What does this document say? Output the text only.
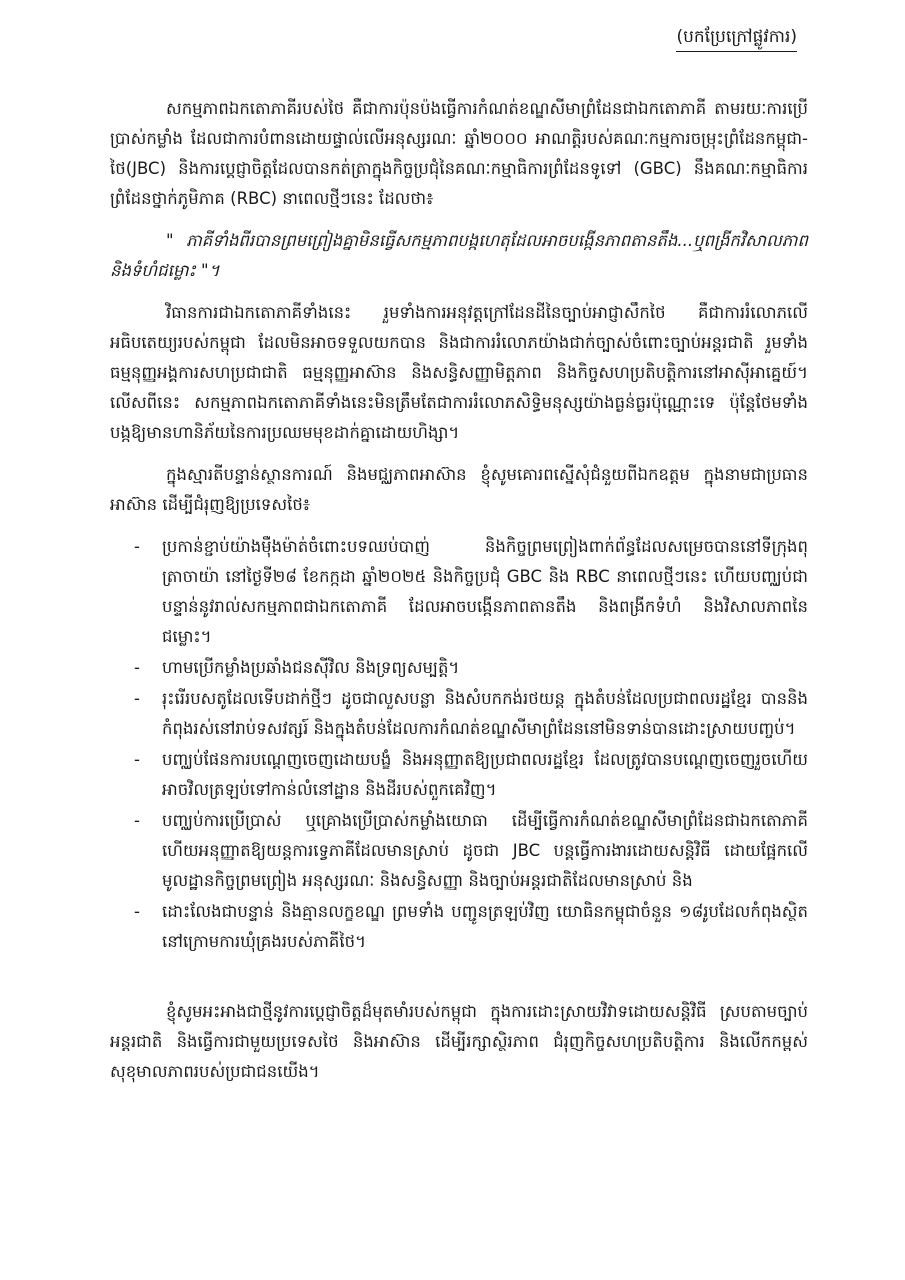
(បកប្រែក្រៅផ្លូវការ)

សកម្មភាពឯកតោភាគីរបស់ថៃ គឺជាការប៉ុនប៉ងធ្វើការកំណត់ខណ្ឌសីមាព្រំដែនជាឯកតោភាគី តាមរយៈការប្រើប្រាស់កម្លាំង ដែលជាការបំពានដោយផ្ទាល់លើអនុស្សរណៈ ឆ្នាំ២០០០ អាណត្តិរបស់គណៈកម្មការចម្រុះព្រំដែនកម្ពុជា-ថៃ(JBC) និងការប្តេជ្ញាចិត្តដែលបានកត់ត្រាក្នុងកិច្ចប្រជុំនៃគណៈកម្មាធិការព្រំដែនទូទៅ (GBC) នឹងគណៈកម្មាធិការព្រំដែនថ្នាក់ភូមិភាគ (RBC) នាពេលថ្មីៗនេះ ដែលថា៖

" ភាគីទាំងពីរបានព្រមព្រៀងគ្នាមិនធ្វើសកម្មភាពបង្កហេតុដែលអាចបង្កើនភាពតានតឹង...ឬពង្រីកវិសាលភាព និងទំហំជម្លោះ "។

វិធានការជាឯកតោភាគីទាំងនេះ រួមទាំងការអនុវត្តក្រៅដែនដីនៃច្បាប់អាជ្ញាសឹកថៃ គឺជាការរំលោភលើអធិបតេយ្យរបស់កម្ពុជា ដែលមិនអាចទទួលយកបាន និងជាការរំលោភយ៉ាងជាក់ច្បាស់ចំពោះច្បាប់អន្តរជាតិ រួមទាំងធម្មនុញ្ញអង្គការសហប្រជាជាតិ ធម្មនុញ្ញអាស៊ាន និងសន្ធិសញ្ញាមិត្តភាព និងកិច្ចសហប្រតិបត្តិការនៅអាស៊ីអាគ្នេយ៍។ លើសពីនេះ សកម្មភាពឯកតោភាគីទាំងនេះមិនត្រឹមតែជាការរំលោភសិទ្ធិមនុស្សយ៉ាងធ្ងន់ធ្ងរប៉ុណ្ណោះទេ ប៉ុន្តែថែមទាំងបង្កឱ្យមានហានិភ័យនៃការប្រឈមមុខដាក់គ្នាដោយហិង្សា។

ក្នុងស្មារតីបន្ទាន់ស្ថានការណ៍ និងមជ្ឈភាពអាស៊ាន ខ្ញុំសូមគោរពស្នើសុំជំនួយពីឯកឧត្តម ក្នុងនាមជាប្រធានអាស៊ាន ដើម្បីជំរុញឱ្យប្រទេសថៃ៖

- ប្រកាន់ខ្ជាប់យ៉ាងម៉ឺងម៉ាត់ចំពោះបទឈប់បាញ់ និងកិច្ចព្រមព្រៀងពាក់ព័ន្ធដែលសម្រេចបាននៅទីក្រុងពុត្រាចាយ៉ា នៅថ្ងៃទី២៨ ខែកក្កដា ឆ្នាំ២០២៥ និងកិច្ចប្រជុំ GBC និង RBC នាពេលថ្មីៗនេះ ហើយបញ្ឈប់ជាបន្ទាន់នូវរាល់សកម្មភាពជាឯកតោភាគី ដែលអាចបង្កើនភាពតានតឹង និងពង្រីកទំហំ និងវិសាលភាពនៃជម្លោះ។
- ហាមប្រើកម្លាំងប្រឆាំងជនស៊ីវិល និងទ្រព្យសម្បត្តិ។
- រុះរើរបសតូដែលទើបដាក់ថ្មីៗ ដូចជាលួសបន្លា និងសំបកកង់រថយន្ត ក្នុងតំបន់ដែលប្រជាពលរដ្ឋខ្មែរ បាននិងកំពុងរស់នៅរាប់ទសវត្សរ៍ និងក្នុងតំបន់ដែលការកំណត់ខណ្ឌសីមាព្រំដែននៅមិនទាន់បានដោះស្រាយបញ្ចប់។
- បញ្ឈប់ផែនការបណ្តេញចេញដោយបង្ខំ និងអនុញ្ញាតឱ្យប្រជាពលរដ្ឋខ្មែរ ដែលត្រូវបានបណ្តេញចេញរួចហើយ អាចវិលត្រឡប់ទៅកាន់លំនៅដ្ឋាន និងដីរបស់ពួកគេវិញ។
- បញ្ឈប់ការប្រើប្រាស់ ឬគ្រោងប្រើប្រាស់កម្លាំងយោធា ដើម្បីធ្វើការកំណត់ខណ្ឌសីមាព្រំដែនជាឯកតោភាគី ហើយអនុញ្ញាតឱ្យយន្តការទ្វេភាគីដែលមានស្រាប់ ដូចជា JBC បន្តធ្វើការងារដោយសន្តិវិធី ដោយផ្អែកលើមូលដ្ឋានកិច្ចព្រមព្រៀង អនុស្សរណៈ និងសន្ធិសញ្ញា និងច្បាប់អន្តរជាតិដែលមានស្រាប់ និង
- ដោះលែងជាបន្ទាន់ និងគ្មានលក្ខខណ្ឌ ព្រមទាំង បញ្ជូនត្រឡប់វិញ យោធិនកម្ពុជាចំនួន ១៨រូបដែលកំពុងស្ថិតនៅក្រោមការឃុំគ្រងរបស់ភាគីថៃ។

ខ្ញុំសូមអះអាងជាថ្មីនូវការប្តេជ្ញាចិត្តដ៏មុតមាំរបស់កម្ពុជា ក្នុងការដោះស្រាយវិវាទដោយសន្តិវិធី ស្របតាមច្បាប់អន្តរជាតិ និងធ្វើការជាមួយប្រទេសថៃ និងអាស៊ាន ដើម្បីរក្សាស្ថិរភាព ជំរុញកិច្ចសហប្រតិបត្តិការ និងលើកកម្ពស់សុខុមាលភាពរបស់ប្រជាជនយើង។
